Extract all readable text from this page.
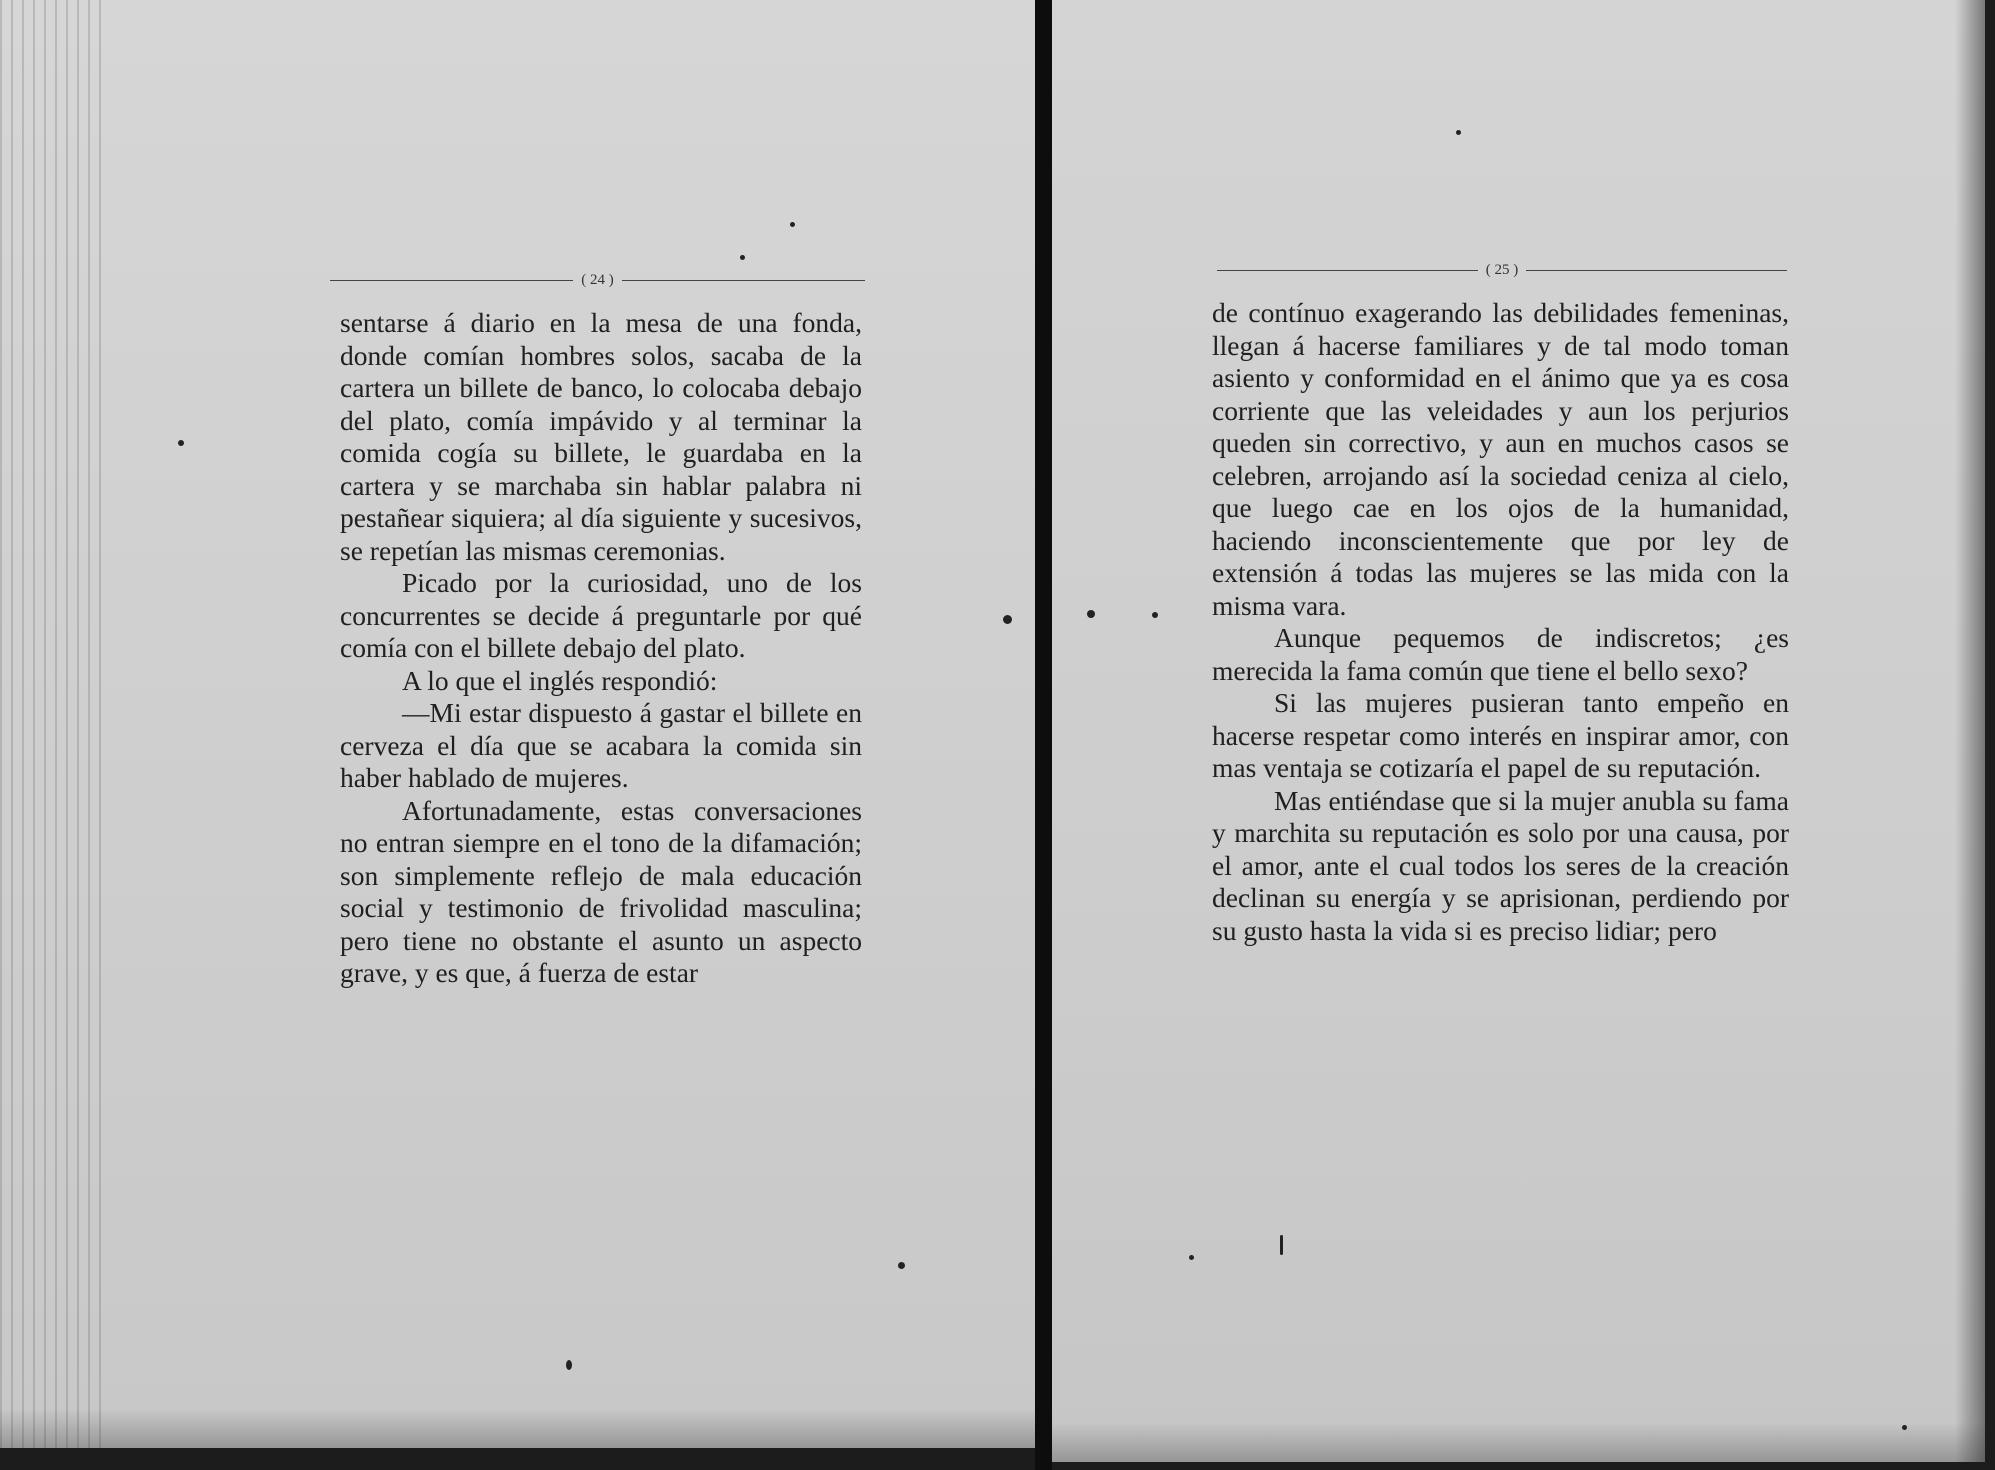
( 24 )

sentarse á diario en la mesa de una fonda, donde comían hombres solos, sacaba de la cartera un billete de banco, lo colocaba debajo del plato, comía impávido y al terminar la comida cogía su billete, le guardaba en la cartera y se marchaba sin hablar palabra ni pestañear siquiera; al día siguiente y sucesivos, se repetían las mismas ceremonias.

Picado por la curiosidad, uno de los concurrentes se decide á preguntarle por qué comía con el billete debajo del plato.

A lo que el inglés respondió:

—Mi estar dispuesto á gastar el billete en cerveza el día que se acabara la comida sin haber hablado de mujeres.

Afortunadamente, estas conversaciones no entran siempre en el tono de la difamación; son simplemente reflejo de mala educación social y testimonio de frivolidad masculina; pero tiene no obstante el asunto un aspecto grave, y es que, á fuerza de estar

( 25 )

de contínuo exagerando las debilidades femeninas, llegan á hacerse familiares y de tal modo toman asiento y conformidad en el ánimo que ya es cosa corriente que las veleidades y aun los perjurios queden sin correctivo, y aun en muchos casos se celebren, arrojando así la sociedad ceniza al cielo, que luego cae en los ojos de la humanidad, haciendo inconscientemente que por ley de extensión á todas las mujeres se las mida con la misma vara.

Aunque pequemos de indiscretos; ¿es merecida la fama común que tiene el bello sexo?

Si las mujeres pusieran tanto empeño en hacerse respetar como interés en inspirar amor, con mas ventaja se cotizaría el papel de su reputación.

Mas entiéndase que si la mujer anubla su fama y marchita su reputación es solo por una causa, por el amor, ante el cual todos los seres de la creación declinan su energía y se aprisionan, perdiendo por su gusto hasta la vida si es preciso lidiar; pero
